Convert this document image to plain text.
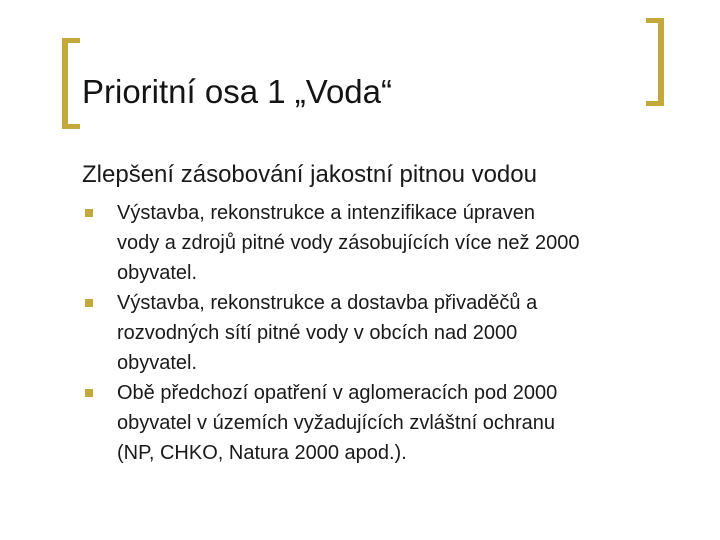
Prioritní osa 1 „Voda“
Zlepšení zásobování jakostní pitnou vodou
Výstavba, rekonstrukce a intenzifikace úpraven
vody a zdrojů pitné vody zásobujících více než 2000
obyvatel.
Výstavba, rekonstrukce a dostavba přivaděčů a
rozvodných sítí pitné vody v obcích nad 2000
obyvatel.
Obě předchozí opatření v aglomeracích pod 2000
obyvatel v územích vyžadujících zvláštní ochranu
(NP, CHKO, Natura 2000 apod.).
